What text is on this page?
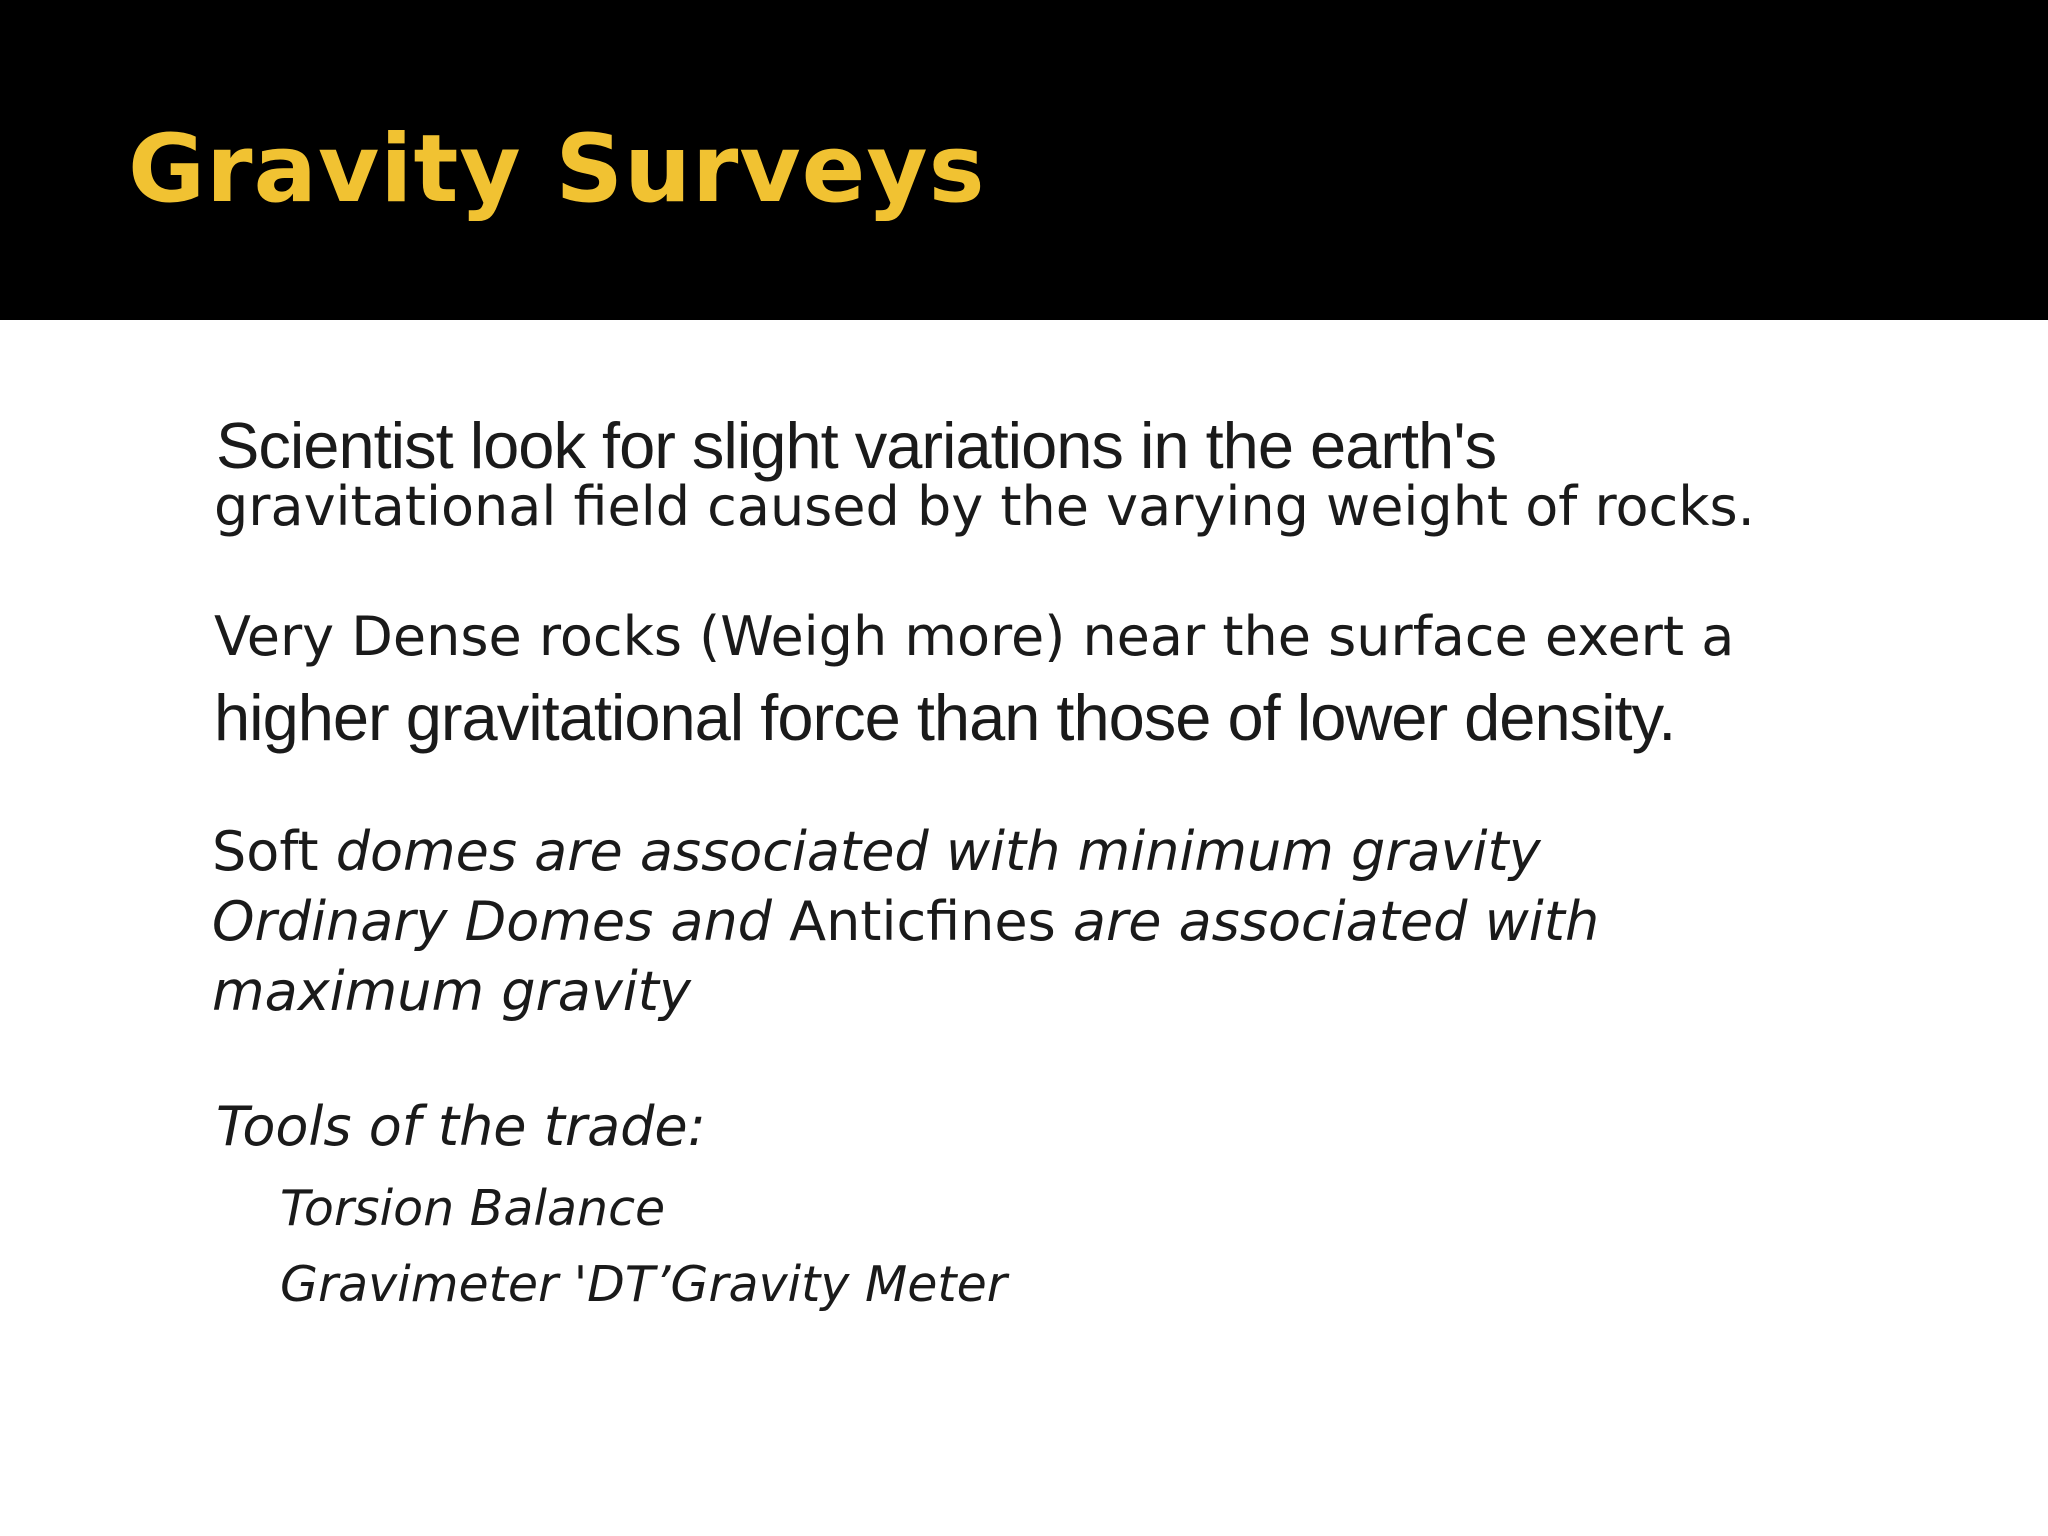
Gravity Surveys

Scientist look for slight variations in the earth's

gravitational field caused by the varying weight of rocks.

Very Dense rocks (Weigh more) near the surface exert a

higher gravitational force than those of lower density.

Soft domes are associated with minimum gravity

Ordinary Domes and Anticfines are associated with

maximum gravity

Tools of the trade:

Torsion Balance

Gravimeter 'DT’Gravity Meter
